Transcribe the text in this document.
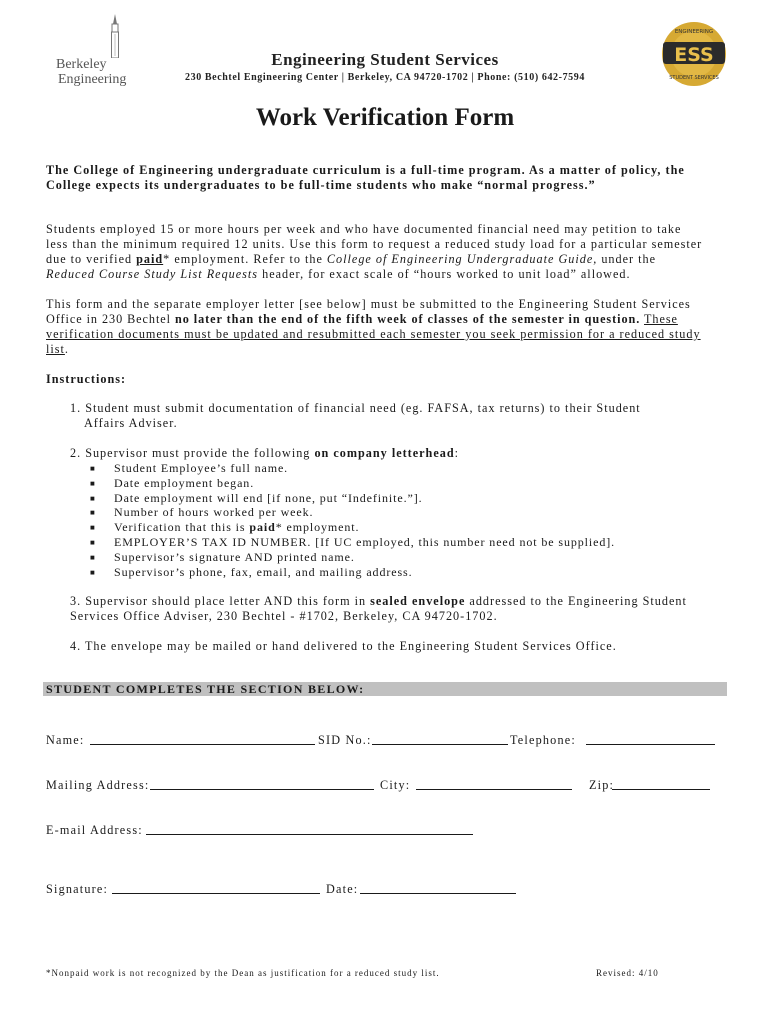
Berkeley
Engineering
Engineering Student Services
230 Bechtel Engineering Center | Berkeley, CA 94720-1702 | Phone: (510) 642-7594
ESS
ENGINEERING
STUDENT SERVICES
Work Verification Form
The College of Engineering undergraduate curriculum is a full-time program. As a matter of policy, the
College expects its undergraduates to be full-time students who make “normal progress.”
Students employed 15 or more hours per week and who have documented financial need may petition to take
less than the minimum required 12 units. Use this form to request a reduced study load for a particular semester
due to verified paid* employment. Refer to the College of Engineering Undergraduate Guide, under the
Reduced Course Study List Requests header, for exact scale of “hours worked to unit load” allowed.
This form and the separate employer letter [see below] must be submitted to the Engineering Student Services
Office in 230 Bechtel no later than the end of the fifth week of classes of the semester in question. These
verification documents must be updated and resubmitted each semester you seek permission for a reduced study
list.
Instructions:
1. Student must submit documentation of financial need (eg. FAFSA, tax returns) to their Student
Affairs Adviser.
2. Supervisor must provide the following on company letterhead:
■ Student Employee’s full name.
■ Date employment began.
■ Date employment will end [if none, put “Indefinite.”].
■ Number of hours worked per week.
■ Verification that this is paid* employment.
■ EMPLOYER’S TAX ID NUMBER. [If UC employed, this number need not be supplied].
■ Supervisor’s signature AND printed name.
■ Supervisor’s phone, fax, email, and mailing address.
3. Supervisor should place letter AND this form in sealed envelope addressed to the Engineering Student
Services Office Adviser, 230 Bechtel - #1702, Berkeley, CA 94720-1702.
4. The envelope may be mailed or hand delivered to the Engineering Student Services Office.
STUDENT COMPLETES THE SECTION BELOW:
Name:	SID No.:	Telephone:
Mailing Address:	City:	Zip:
E-mail Address:
Signature:	Date:
*Nonpaid work is not recognized by the Dean as justification for a reduced study list.	Revised: 4/10
